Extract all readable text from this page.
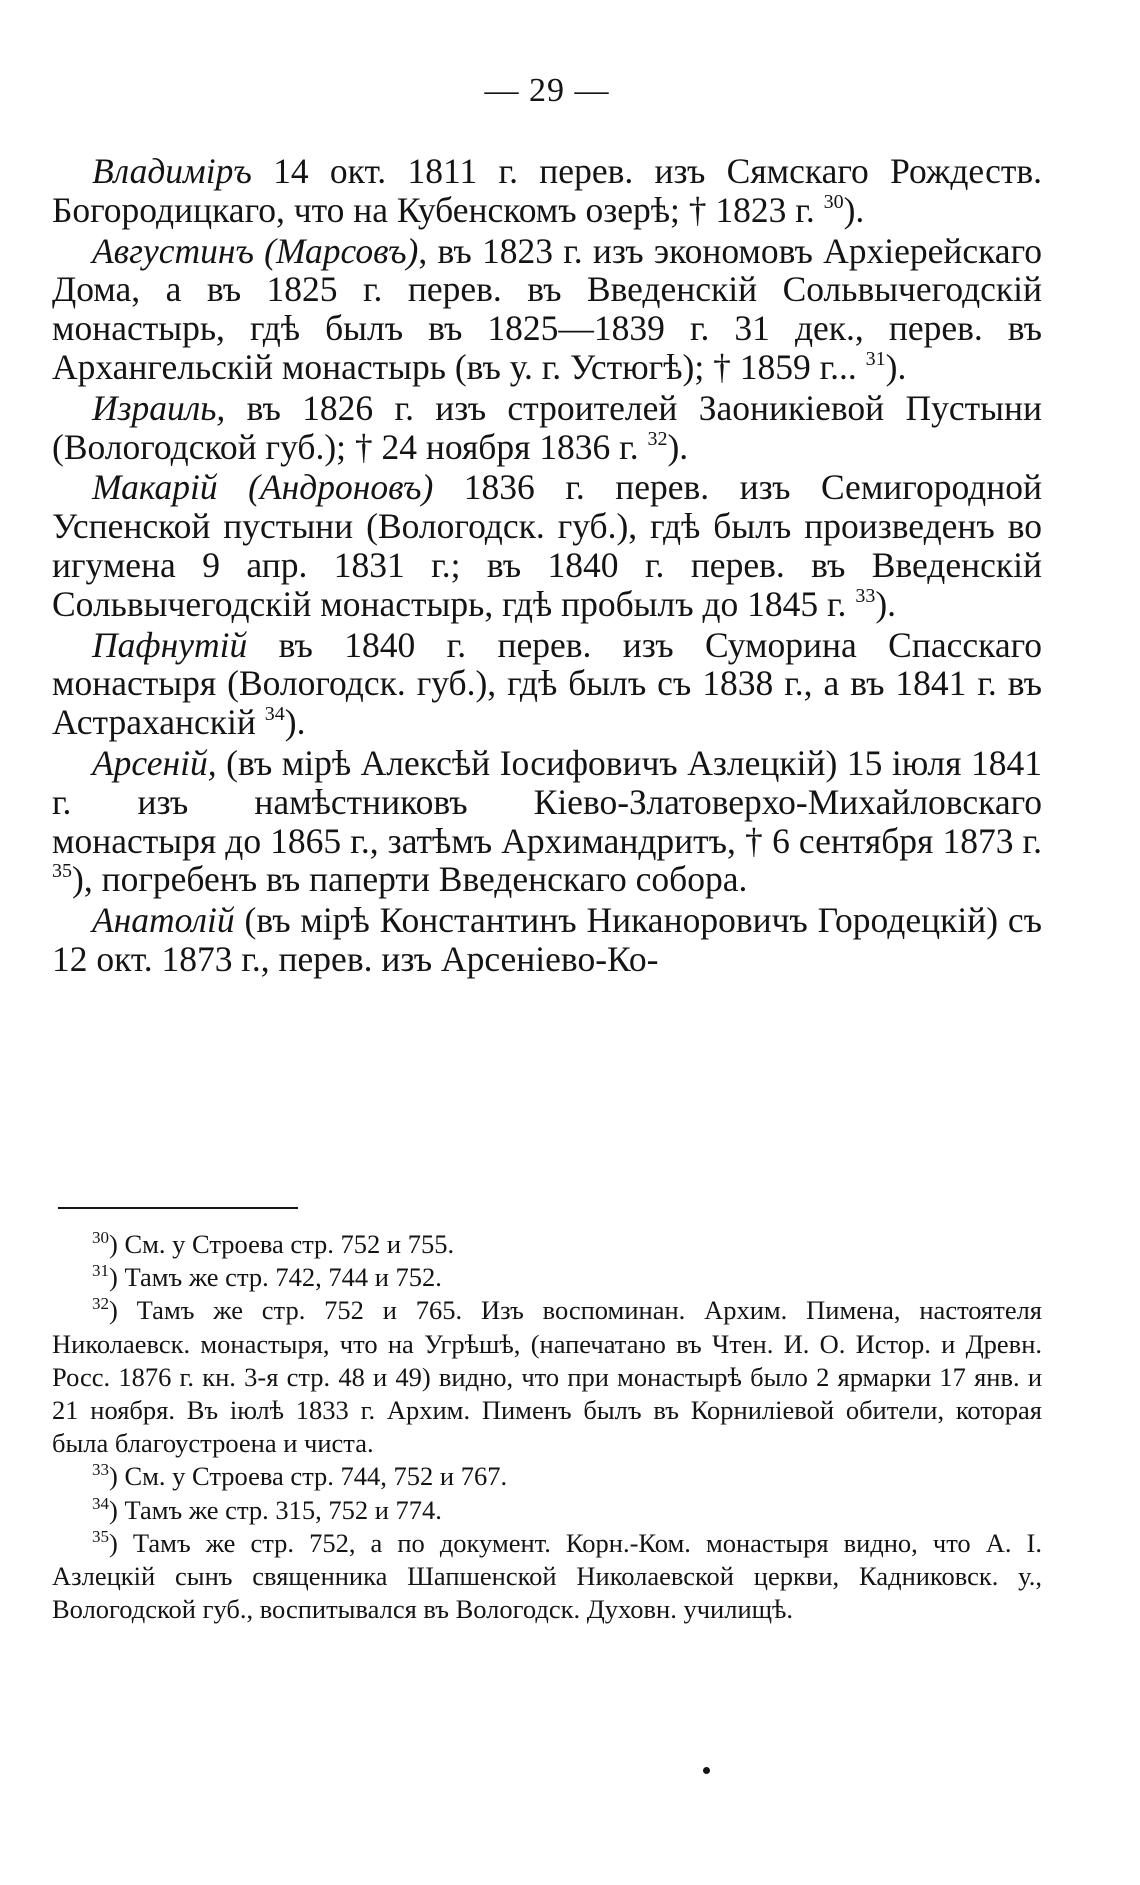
— 29 —

Владиміръ 14 окт. 1811 г. перев. изъ Сямскаго Рождеств. Богородицкаго, что на Кубенскомъ озерѣ; † 1823 г. $^{30}$).

Августинъ (Марсовъ), въ 1823 г. изъ экономовъ Архіерейскаго Дома, а въ 1825 г. перев. въ Введенскій Сольвычегодскій монастырь, гдѣ былъ въ 1825—1839 г. 31 дек., перев. въ Архангельскій монастырь (въ у. г. Устюгѣ); † 1859 г... $^{31}$).

Израиль, въ 1826 г. изъ строителей Заоникіевой Пустыни (Вологодской губ.); † 24 ноября 1836 г. $^{32}$).

Макарій (Андроновъ) 1836 г. перев. изъ Семигородной Успенской пустыни (Вологодск. губ.), гдѣ былъ произведенъ во игумена 9 апр. 1831 г.; въ 1840 г. перев. въ Введенскій Сольвычегодскій монастырь, гдѣ пробылъ до 1845 г. $^{33}$).

Пафнутій въ 1840 г. перев. изъ Суморина Спасскаго монастыря (Вологодск. губ.), гдѣ былъ съ 1838 г., а въ 1841 г. въ Астраханскій $^{34}$).

Арсеній, (въ мірѣ Алексѣй Іосифовичъ Азлецкій) 15 іюля 1841 г. изъ намѣстниковъ Кіево-Златоверхо-Михайловскаго монастыря до 1865 г., затѣмъ Архимандритъ, † 6 сентября 1873 г. $^{35}$), погребенъ въ паперти Введенскаго собора.

Анатолій (въ мірѣ Константинъ Никаноровичъ Городецкій) съ 12 окт. 1873 г., перев. изъ Арсеніево-Ко-

$^{30}$) См. у Строева стр. 752 и 755.

$^{31}$) Тамъ же стр. 742, 744 и 752.

$^{32}$) Тамъ же стр. 752 и 765. Изъ воспоминан. Архим. Пимена, настоятеля Николаевск. монастыря, что на Угрѣшѣ, (напечатано въ Чтен. И. О. Истор. и Древн. Росс. 1876 г. кн. 3-я стр. 48 и 49) видно, что при монастырѣ было 2 ярмарки 17 янв. и 21 ноября. Въ іюлѣ 1833 г. Архим. Пименъ былъ въ Корниліевой обители, которая была благоустроена и чиста.

$^{33}$) См. у Строева стр. 744, 752 и 767.

$^{34}$) Тамъ же стр. 315, 752 и 774.

$^{35}$) Тамъ же стр. 752, а по документ. Корн.-Ком. монастыря видно, что А. І. Азлецкій сынъ священника Шапшенской Николаевской церкви, Кадниковск. у., Вологодской губ., воспитывался въ Вологодск. Духовн. училищѣ.
